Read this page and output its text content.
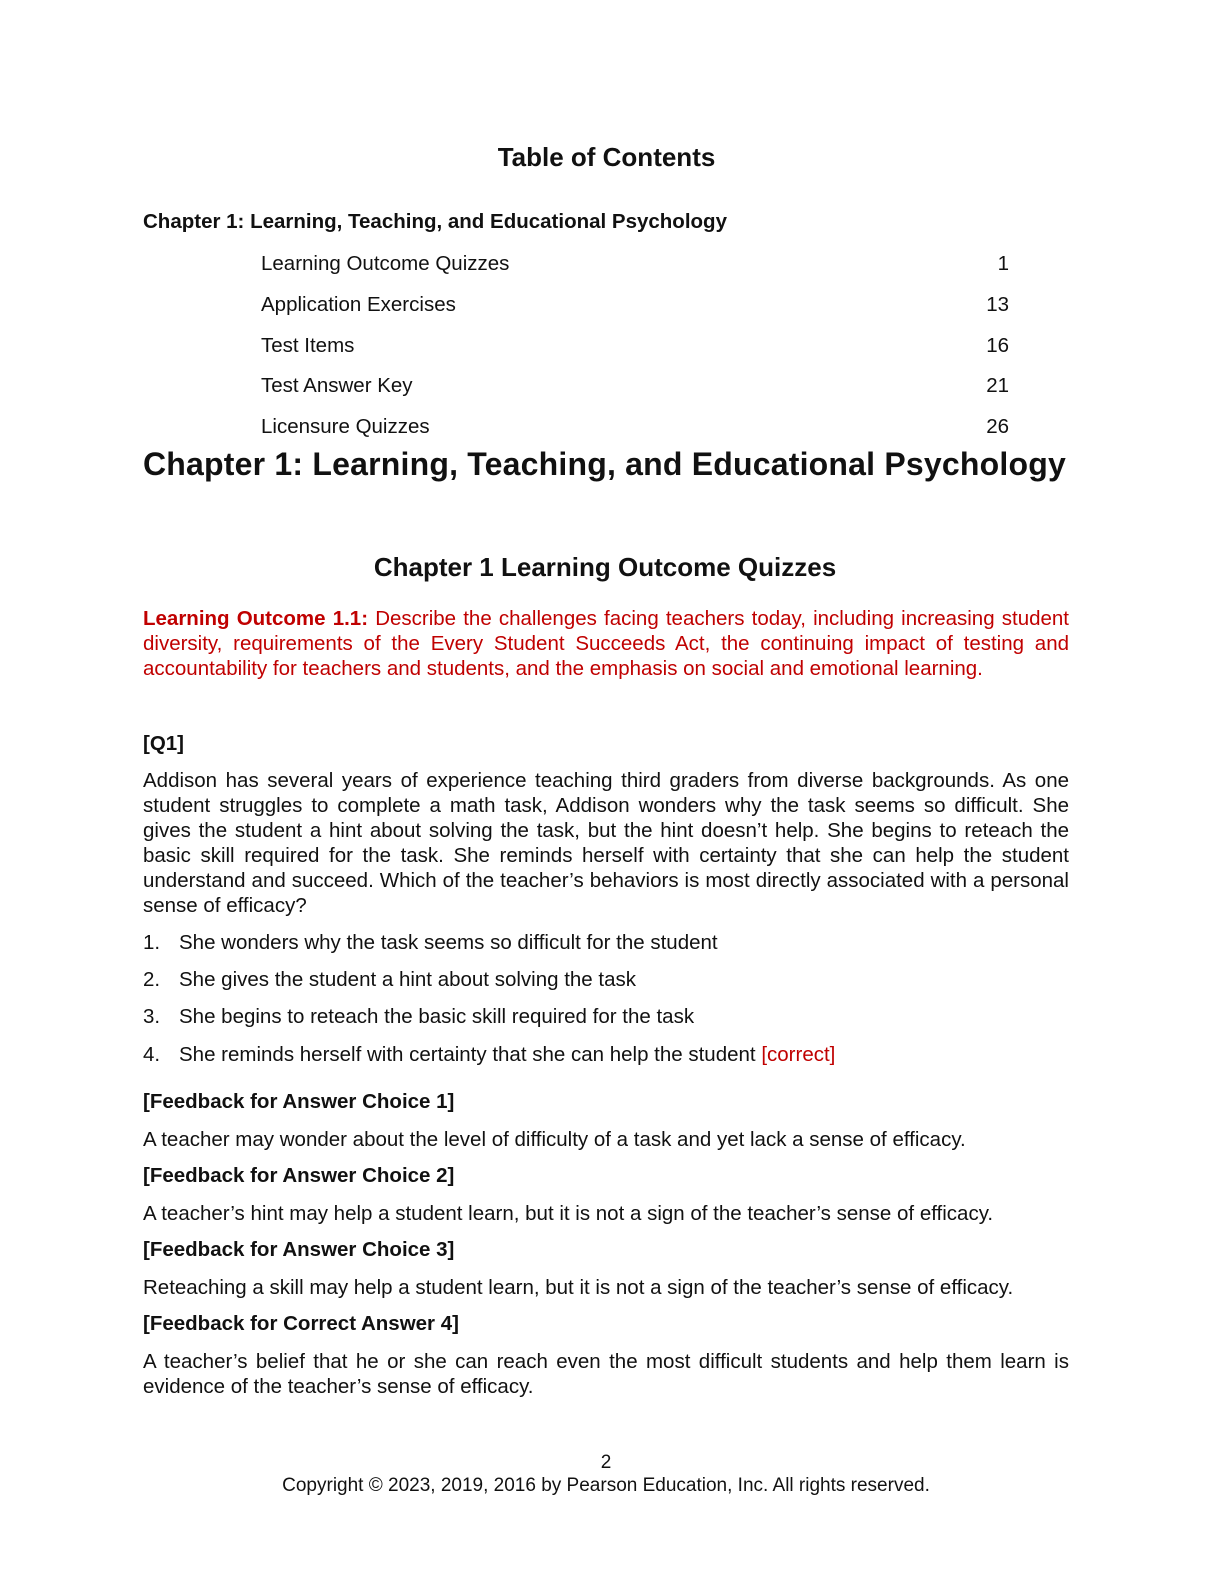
Table of Contents

Chapter 1: Learning, Teaching, and Educational Psychology

Learning Outcome Quizzes	1
Application Exercises	13
Test Items	16
Test Answer Key	21
Licensure Quizzes	26
Chapter 1: Learning, Teaching, and Educational Psychology
Chapter 1 Learning Outcome Quizzes

Learning Outcome 1.1: Describe the challenges facing teachers today, including increasing student diversity, requirements of the Every Student Succeeds Act, the continuing impact of testing and accountability for teachers and students, and the emphasis on social and emotional learning.

[Q1]

Addison has several years of experience teaching third graders from diverse backgrounds. As one student struggles to complete a math task, Addison wonders why the task seems so difficult. She gives the student a hint about solving the task, but the hint doesn’t help. She begins to reteach the basic skill required for the task. She reminds herself with certainty that she can help the student understand and succeed. Which of the teacher’s behaviors is most directly associated with a personal sense of efficacy?

1. She wonders why the task seems so difficult for the student
2. She gives the student a hint about solving the task
3. She begins to reteach the basic skill required for the task
4. She reminds herself with certainty that she can help the student [correct]

[Feedback for Answer Choice 1]

A teacher may wonder about the level of difficulty of a task and yet lack a sense of efficacy.

[Feedback for Answer Choice 2]

A teacher’s hint may help a student learn, but it is not a sign of the teacher’s sense of efficacy.

[Feedback for Answer Choice 3]

Reteaching a skill may help a student learn, but it is not a sign of the teacher’s sense of efficacy.

[Feedback for Correct Answer 4]

A teacher’s belief that he or she can reach even the most difficult students and help them learn is evidence of the teacher’s sense of efficacy.

2

Copyright © 2023, 2019, 2016 by Pearson Education, Inc. All rights reserved.
